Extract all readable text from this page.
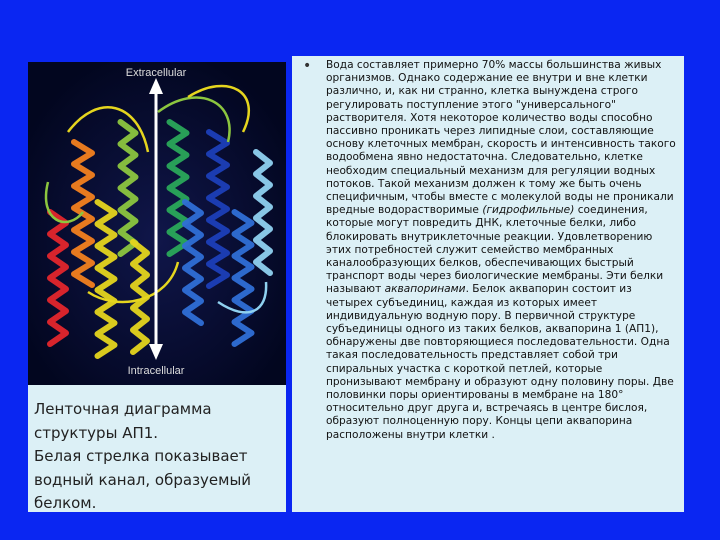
Extracellular
Intracellular

Ленточная диаграмма структуры АП1.

Белая стрелка показывает водный канал, образуемый белком.

• Вода составляет примерно 70% массы большинства живых организмов. Однако содержание ее внутри и вне клетки различно, и, как ни странно, клетка вынуждена строго регулировать поступление этого "универсального" растворителя. Хотя некоторое количество воды способно пассивно проникать через липидные слои, составляющие основу клеточных мембран, скорость и интенсивность такого водообмена явно недостаточна. Следовательно, клетке необходим специальный механизм для регуляции водных потоков. Такой механизм должен к тому же быть очень специфичным, чтобы вместе с молекулой воды не проникали вредные водорастворимые (гидрофильные) соединения, которые могут повредить ДНК, клеточные белки, либо блокировать внутриклеточные реакции. Удовлетворению этих потребностей служит семейство мембранных каналообразующих белков, обеспечивающих быстрый транспорт воды через биологические мембраны. Эти белки называют аквапоринами. Белок аквапорин состоит из четырех субъединиц, каждая из которых имеет индивидуальную водную пору. В первичной структуре субъединицы одного из таких белков, аквапорина 1 (АП1), обнаружены две повторяющиеся последовательности. Одна такая последовательность представляет собой три спиральных участка с короткой петлей, которые пронизывают мембрану и образуют одну половину поры. Две половинки поры ориентированы в мембране на 180° относительно друг друга и, встречаясь в центре бислоя, образуют полноценную пору. Концы цепи аквапорина расположены внутри клетки .
